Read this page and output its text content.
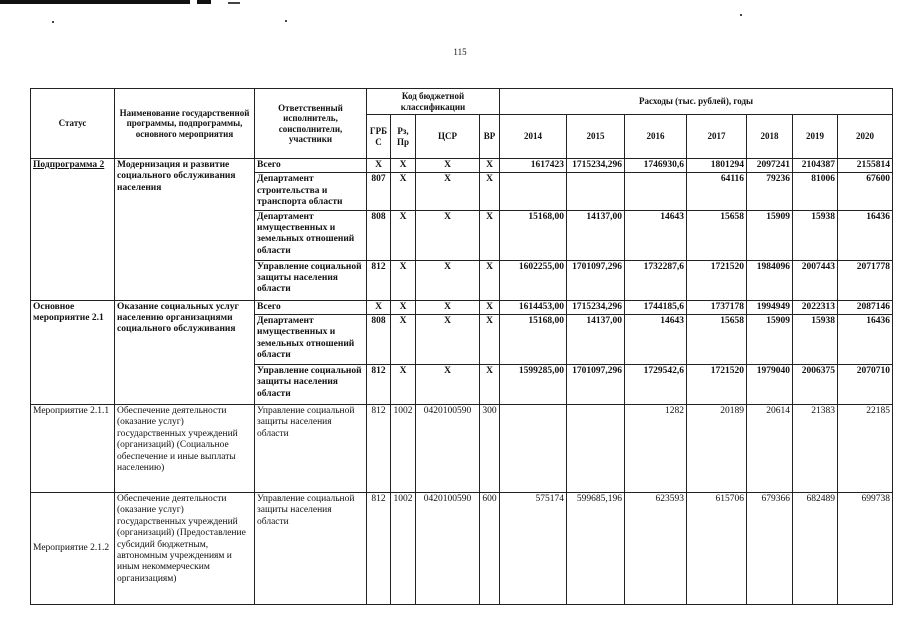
115
Статус	Наименование государственной программы, подпрограммы, основного мероприятия	Ответственный исполнитель, соисполнители, участники	Код бюджетной классификации				Расходы (тыс. рублей), годы						
			ГРБ С	Рз, Пр	ЦСР	ВР	2014	2015	2016	2017	2018	2019	2020
Подпрограмма 2	Модернизация и развитие социального обслуживания населения	Всего	Х	Х	Х	Х	1617423	1715234,296	1746930,6	1801294	2097241	2104387	2155814
		Департамент строительства и транспорта области	807	Х	Х	Х				64116	79236	81006	67600
		Департамент имущественных и земельных отношений области	808	Х	Х	Х	15168,00	14137,00	14643	15658	15909	15938	16436
		Управление социальной защиты населения области	812	Х	Х	Х	1602255,00	1701097,296	1732287,6	1721520	1984096	2007443	2071778
Основное мероприятие 2.1	Оказание социальных услуг населению организациями социального обслуживания	Всего	Х	Х	Х	Х	1614453,00	1715234,296	1744185,6	1737178	1994949	2022313	2087146
		Департамент имущественных и земельных отношений области	808	Х	Х	Х	15168,00	14137,00	14643	15658	15909	15938	16436
		Управление социальной защиты населения области	812	Х	Х	Х	1599285,00	1701097,296	1729542,6	1721520	1979040	2006375	2070710
Мероприятие 2.1.1	Обеспечение деятельности (оказание услуг) государственных учреждений (организаций) (Социальное обеспечение и иные выплаты населению)	Управление социальной защиты населения области	812	1002	0420100590	300			1282	20189	20614	21383	22185
Мероприятие 2.1.2	Обеспечение деятельности (оказание услуг) государственных учреждений (организаций) (Предоставление субсидий бюджетным, автономным учреждениям и иным некоммерческим организациям)	Управление социальной защиты населения области	812	1002	0420100590	600	575174	599685,196	623593	615706	679366	682489	699738
